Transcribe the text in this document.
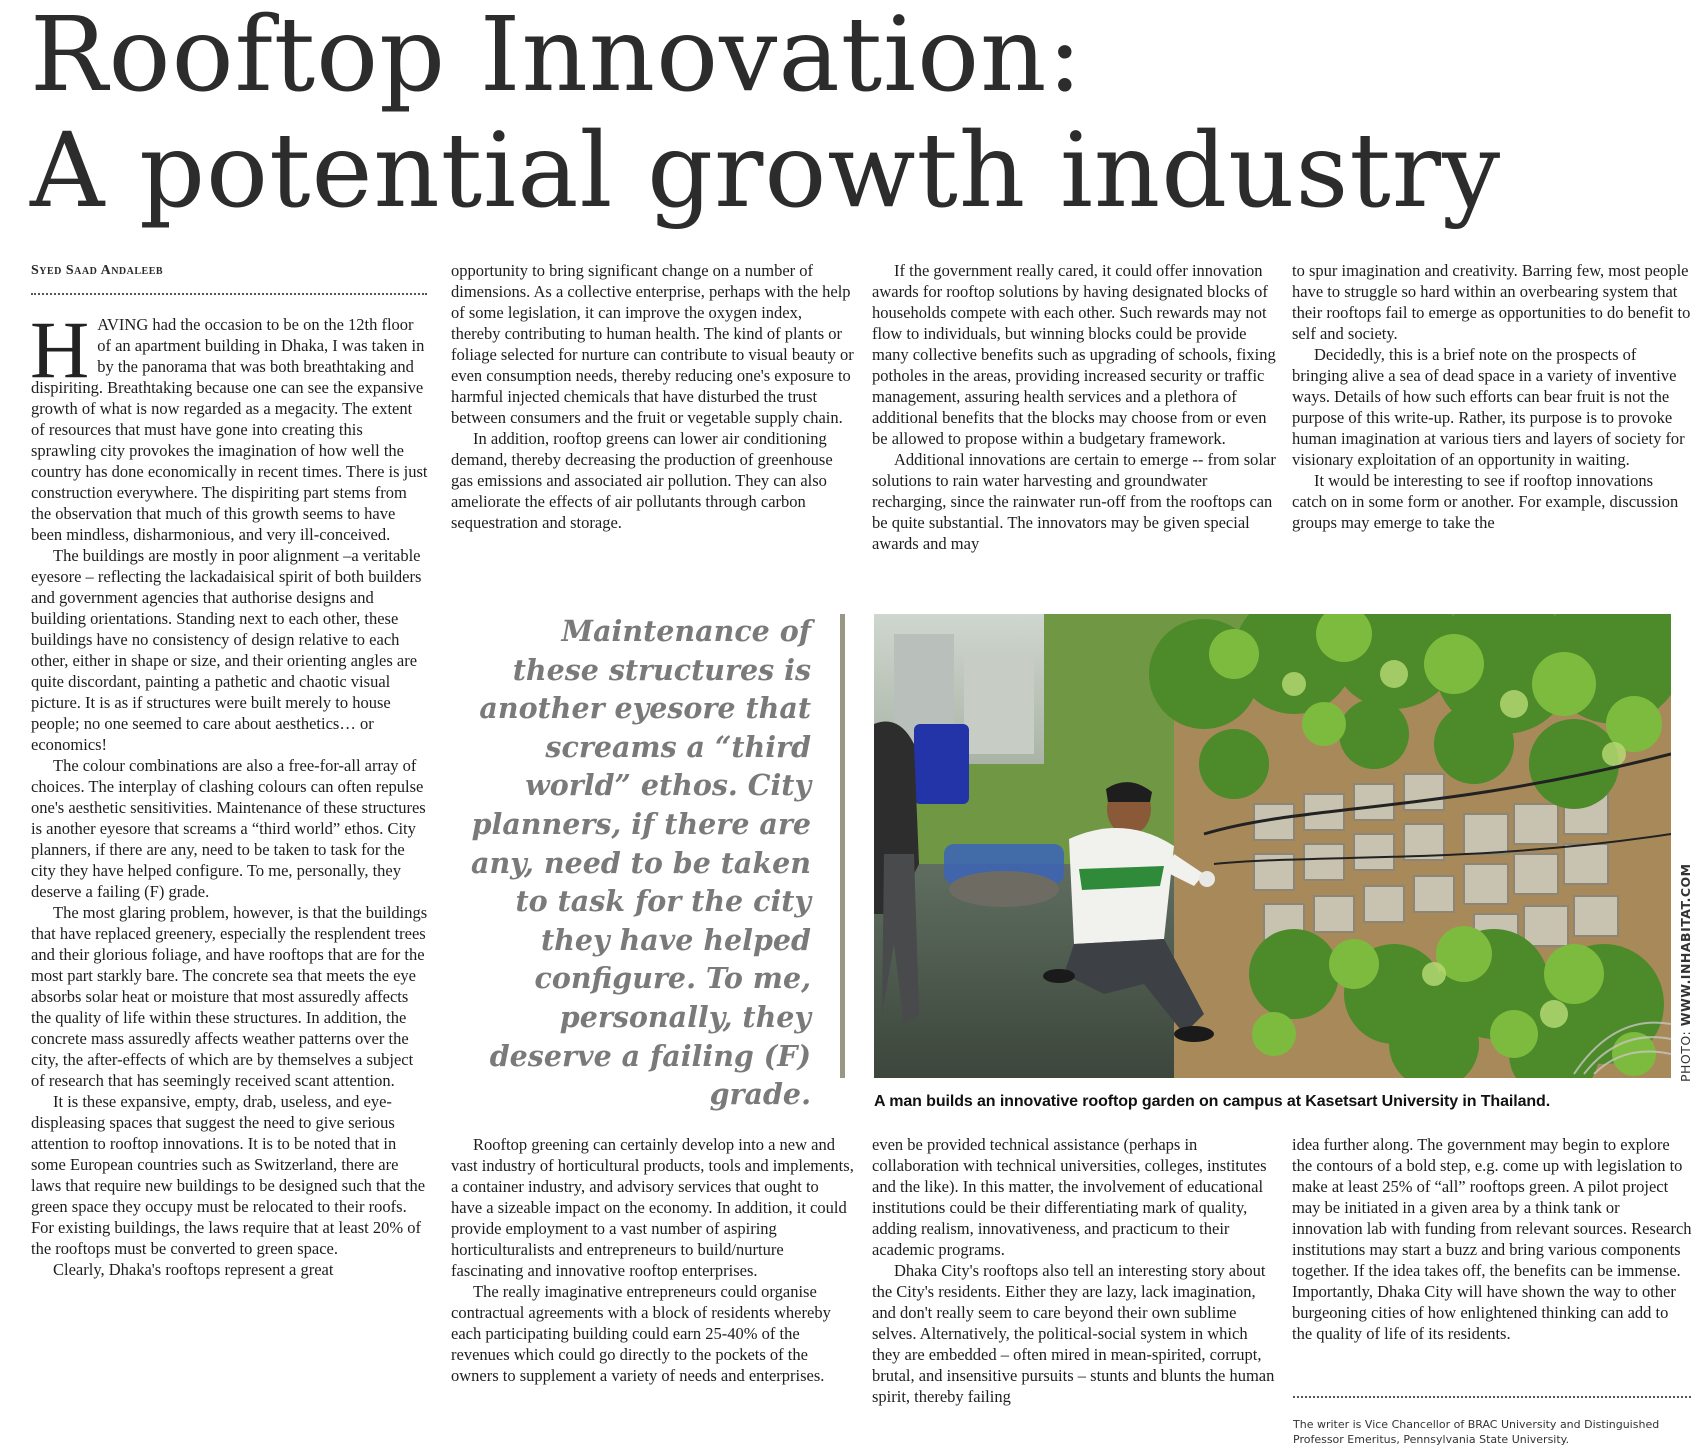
Rooftop Innovation:
A potential growth industry
Syed Saad Andaleeb

HAVING had the occasion to be on the 12th floor of an apartment building in Dhaka, I was taken in by the panorama that was both breathtaking and dispiriting. Breathtaking because one can see the expansive growth of what is now regarded as a megacity. The extent of resources that must have gone into creating this sprawling city provokes the imagination of how well the country has done economically in recent times. There is just construction everywhere. The dispiriting part stems from the observation that much of this growth seems to have been mindless, disharmonious, and very ill-conceived.

The buildings are mostly in poor alignment –a veritable eyesore – reflecting the lackadaisical spirit of both builders and government agencies that authorise designs and building orientations. Standing next to each other, these buildings have no consistency of design relative to each other, either in shape or size, and their orienting angles are quite discordant, painting a pathetic and chaotic visual picture. It is as if structures were built merely to house people; no one seemed to care about aesthetics… or economics!

The colour combinations are also a free-for-all array of choices. The interplay of clashing colours can often repulse one's aesthetic sensitivities. Maintenance of these structures is another eyesore that screams a “third world” ethos. City planners, if there are any, need to be taken to task for the city they have helped configure. To me, personally, they deserve a failing (F) grade.

The most glaring problem, however, is that the buildings that have replaced greenery, especially the resplendent trees and their glorious foliage, and have rooftops that are for the most part starkly bare. The concrete sea that meets the eye absorbs solar heat or moisture that most assuredly affects the quality of life within these structures. In addition, the concrete mass assuredly affects weather patterns over the city, the after-effects of which are by themselves a subject of research that has seemingly received scant attention.

It is these expansive, empty, drab, useless, and eye-displeasing spaces that suggest the need to give serious attention to rooftop innovations. It is to be noted that in some European countries such as Switzerland, there are laws that require new buildings to be designed such that the green space they occupy must be relocated to their roofs. For existing buildings, the laws require that at least 20% of the rooftops must be converted to green space.

Clearly, Dhaka's rooftops represent a great

opportunity to bring significant change on a number of dimensions. As a collective enterprise, perhaps with the help of some legislation, it can improve the oxygen index, thereby contributing to human health. The kind of plants or foliage selected for nurture can contribute to visual beauty or even consumption needs, thereby reducing one's exposure to harmful injected chemicals that have disturbed the trust between consumers and the fruit or vegetable supply chain.

In addition, rooftop greens can lower air conditioning demand, thereby decreasing the production of greenhouse gas emissions and associated air pollution. They can also ameliorate the effects of air pollutants through carbon sequestration and storage.

If the government really cared, it could offer innovation awards for rooftop solutions by having designated blocks of households compete with each other. Such rewards may not flow to individuals, but winning blocks could be provide many collective benefits such as upgrading of schools, fixing potholes in the areas, providing increased security or traffic management, assuring health services and a plethora of additional benefits that the blocks may choose from or even be allowed to propose within a budgetary framework.

Additional innovations are certain to emerge -- from solar solutions to rain water harvesting and groundwater recharging, since the rainwater run-off from the rooftops can be quite substantial. The innovators may be given special awards and may

to spur imagination and creativity. Barring few, most people have to struggle so hard within an overbearing system that their rooftops fail to emerge as opportunities to do benefit to self and society.

Decidedly, this is a brief note on the prospects of bringing alive a sea of dead space in a variety of inventive ways. Details of how such efforts can bear fruit is not the purpose of this write-up. Rather, its purpose is to provoke human imagination at various tiers and layers of society for visionary exploitation of an opportunity in waiting.

It would be interesting to see if rooftop innovations catch on in some form or another. For example, discussion groups may emerge to take the

Maintenance of these structures is another eyesore that screams a “third world” ethos. City planners, if there are any, need to be taken to task for the city they have helped configure. To me, personally, they deserve a failing (F) grade.

PHOTO: WWW.INHABITAT.COM
A man builds an innovative rooftop garden on campus at Kasetsart University in Thailand.

Rooftop greening can certainly develop into a new and vast industry of horticultural products, tools and implements, a container industry, and advisory services that ought to have a sizeable impact on the economy. In addition, it could provide employment to a vast number of aspiring horticulturalists and entrepreneurs to build/nurture fascinating and innovative rooftop enterprises.

The really imaginative entrepreneurs could organise contractual agreements with a block of residents whereby each participating building could earn 25-40% of the revenues which could go directly to the pockets of the owners to supplement a variety of needs and enterprises.

even be provided technical assistance (perhaps in collaboration with technical universities, colleges, institutes and the like). In this matter, the involvement of educational institutions could be their differentiating mark of quality, adding realism, innovativeness, and practicum to their academic programs.

Dhaka City's rooftops also tell an interesting story about the City's residents. Either they are lazy, lack imagination, and don't really seem to care beyond their own sublime selves. Alternatively, the political-social system in which they are embedded – often mired in mean-spirited, corrupt, brutal, and insensitive pursuits – stunts and blunts the human spirit, thereby failing

idea further along. The government may begin to explore the contours of a bold step, e.g. come up with legislation to make at least 25% of “all” rooftops green. A pilot project may be initiated in a given area by a think tank or innovation lab with funding from relevant sources. Research institutions may start a buzz and bring various components together. If the idea takes off, the benefits can be immense. Importantly, Dhaka City will have shown the way to other burgeoning cities of how enlightened thinking can add to the quality of life of its residents.

The writer is Vice Chancellor of BRAC University and Distinguished Professor Emeritus, Pennsylvania State University.
